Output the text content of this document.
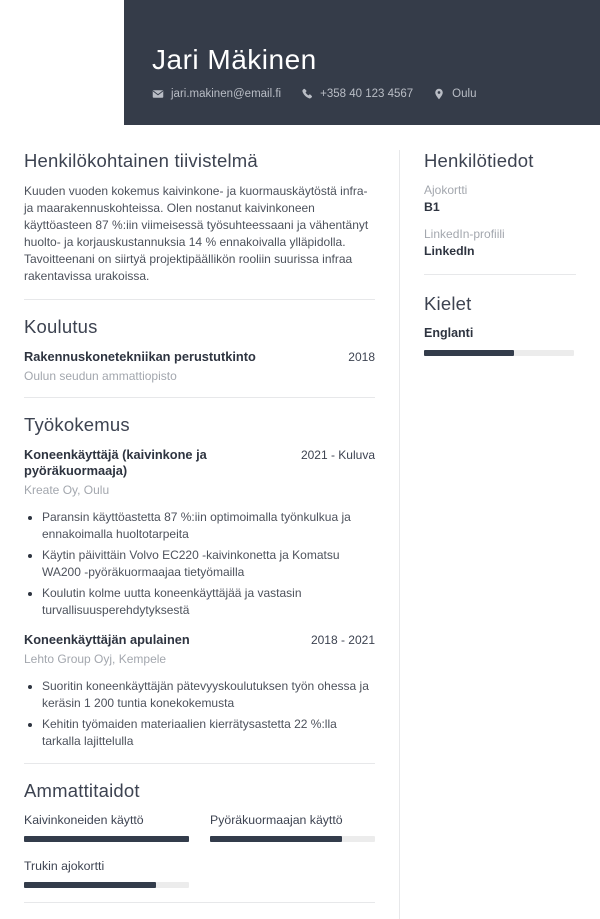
Jari Mäkinen
jari.makinen@email.fi	+358 40 123 4567	Oulu
Henkilökohtainen tiivistelmä

Kuuden vuoden kokemus kaivinkone- ja kuormauskäytöstä infra- ja maarakennuskohteissa. Olen nostanut kaivinkoneen käyttöasteen 87 %:iin viimeisessä työsuhteessaani ja vähentänyt huolto- ja korjauskustannuksia 14 % ennakoivalla ylläpidolla. Tavoitteenani on siirtyä projektipäällikön rooliin suurissa infraa rakentavissa urakoissa.

Koulutus
Rakennuskonetekniikan perustutkinto	2018
Oulun seudun ammattiopisto
Työkokemus
Koneenkäyttäjä (kaivinkone ja pyöräkuormaaja)
2021 - Kuluva
Kreate Oy, Oulu
• Paransin käyttöastetta 87 %:iin optimoimalla työnkulkua ja ennakoimalla huoltotarpeita
• Käytin päivittäin Volvo EC220 -kaivinkonetta ja Komatsu WA200 -pyöräkuormaajaa tietyömailla
• Koulutin kolme uutta koneenkäyttäjää ja vastasin turvallisuusperehdytyksestä
Koneenkäyttäjän apulainen	2018 - 2021
Lehto Group Oyj, Kempele
• Suoritin koneenkäyttäjän pätevyyskoulutuksen työn ohessa ja keräsin 1 200 tuntia konekokemusta
• Kehitin työmaiden materiaalien kierrätysastetta 22 %:lla tarkalla lajittelulla
Ammattitaidot
Kaivinkoneiden käyttö	Pyöräkuormaajan käyttö
Trukin ajokortti
Henkilötiedot
Ajokortti
B1
LinkedIn-profiili
LinkedIn
Kielet
Englanti
